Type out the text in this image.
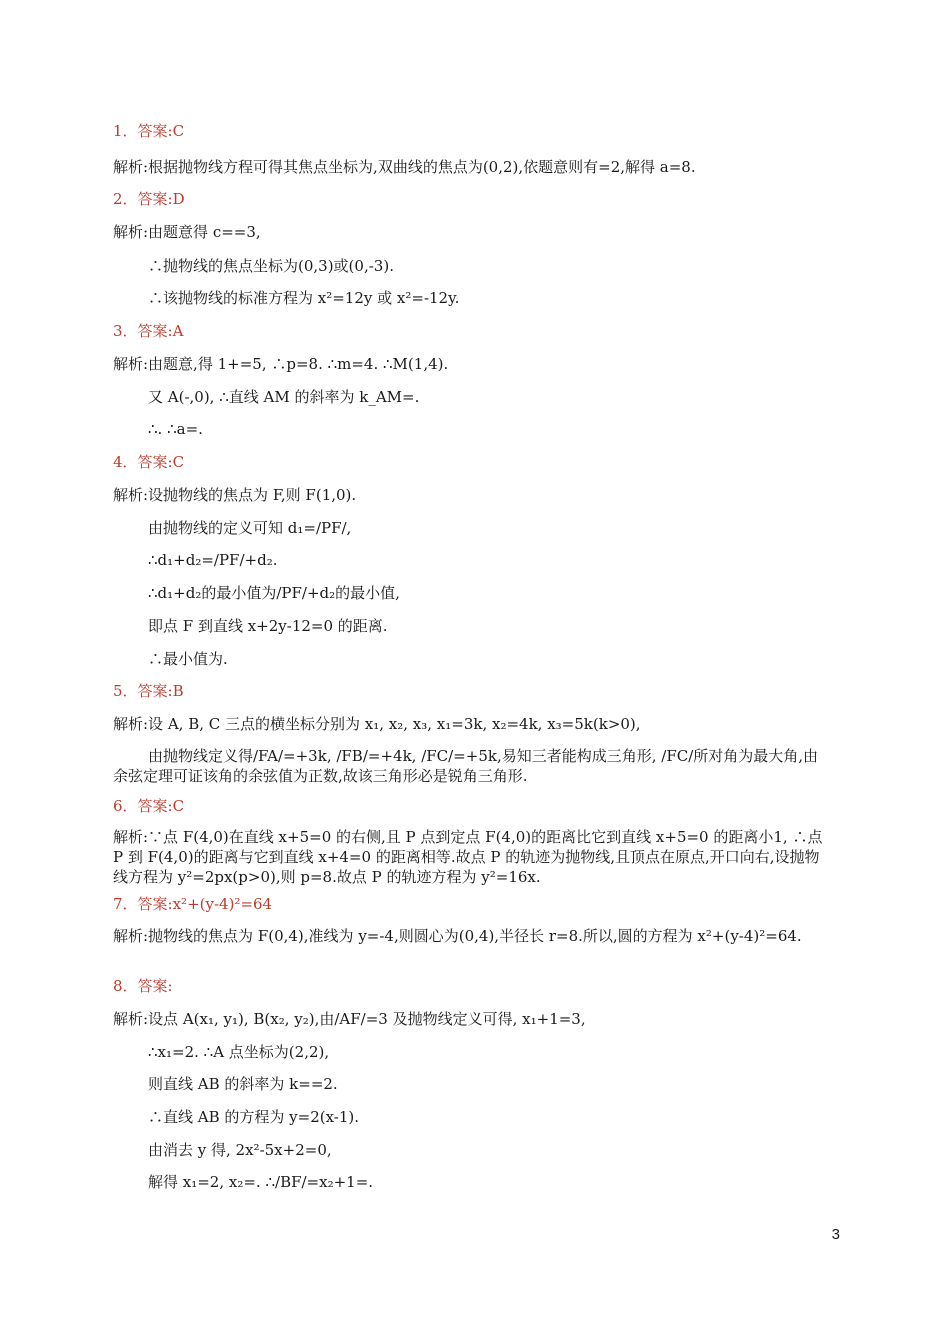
1．答案:C
解析:根据抛物线方程可得其焦点坐标为,双曲线的焦点为(0,2),依题意则有=2,解得 a=8.
2．答案:D
解析:由题意得 c==3,
∴抛物线的焦点坐标为(0,3)或(0,-3).
∴该抛物线的标准方程为 x²=12y 或 x²=-12y.
3．答案:A
解析:由题意,得 1+=5, ∴p=8. ∴m=4. ∴M(1,4).
又 A(-,0), ∴直线 AM 的斜率为 k_AM=.
∴. ∴a=.
4．答案:C
解析:设抛物线的焦点为 F,则 F(1,0).
由抛物线的定义可知 d₁=/PF/,
∴d₁+d₂=/PF/+d₂.
∴d₁+d₂的最小值为/PF/+d₂的最小值,
即点 F 到直线 x+2y-12=0 的距离.
∴最小值为.
5．答案:B
解析:设 A, B, C 三点的横坐标分别为 x₁, x₂, x₃, x₁=3k, x₂=4k, x₃=5k(k>0),
由抛物线定义得/FA/=+3k, /FB/=+4k, /FC/=+5k,易知三者能构成三角形, /FC/所对角为最大角,由余弦定理可证该角的余弦值为正数,故该三角形必是锐角三角形.
6．答案:C
解析:∵点 F(4,0)在直线 x+5=0 的右侧,且 P 点到定点 F(4,0)的距离比它到直线 x+5=0 的距离小1, ∴点 P 到 F(4,0)的距离与它到直线 x+4=0 的距离相等.故点 P 的轨迹为抛物线,且顶点在原点,开口向右,设抛物线方程为 y²=2px(p>0),则 p=8.故点 P 的轨迹方程为 y²=16x.
7．答案:x²+(y-4)²=64
解析:抛物线的焦点为 F(0,4),准线为 y=-4,则圆心为(0,4),半径长 r=8.所以,圆的方程为 x²+(y-4)²=64.
8．答案:
解析:设点 A(x₁, y₁), B(x₂, y₂),由/AF/=3 及抛物线定义可得, x₁+1=3,
∴x₁=2. ∴A 点坐标为(2,2),
则直线 AB 的斜率为 k==2.
∴直线 AB 的方程为 y=2(x-1).
由消去 y 得, 2x²-5x+2=0,
解得 x₁=2, x₂=. ∴/BF/=x₂+1=.
3
